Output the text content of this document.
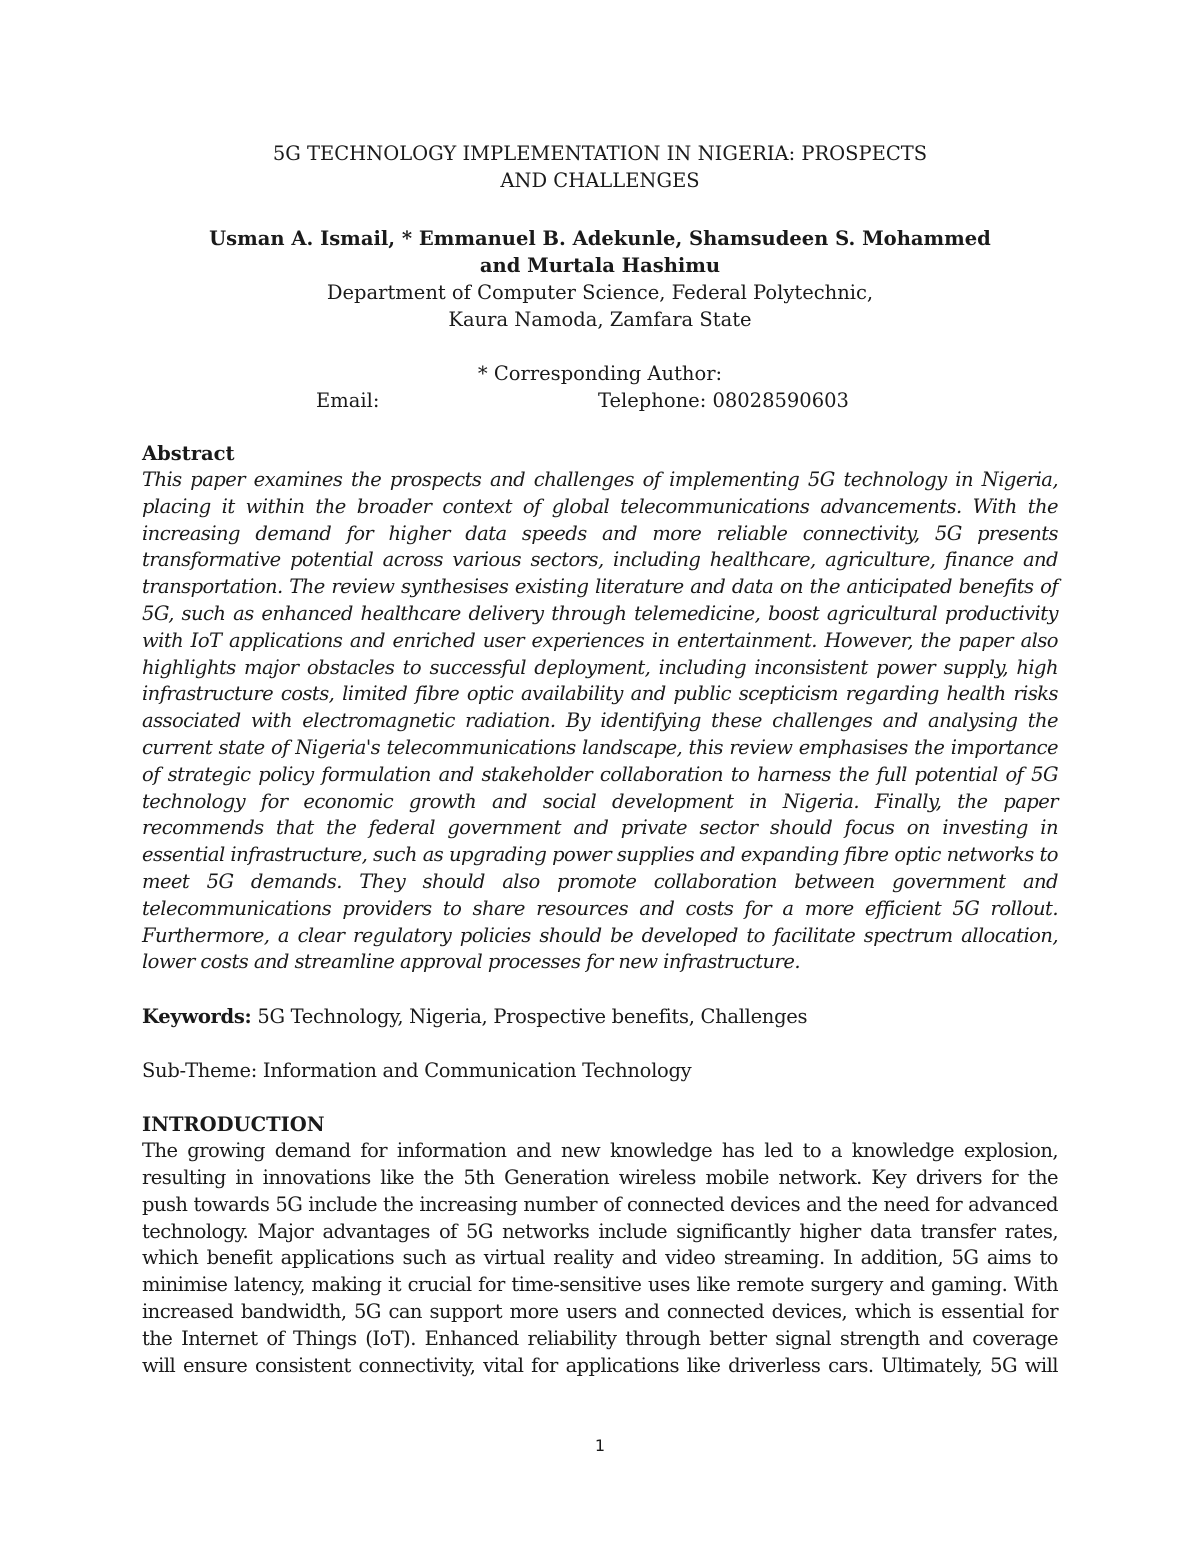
5G TECHNOLOGY IMPLEMENTATION IN NIGERIA: PROSPECTS
AND CHALLENGES
Usman A. Ismail, * Emmanuel B. Adekunle, Shamsudeen S. Mohammed
and Murtala Hashimu
Department of Computer Science, Federal Polytechnic,
Kaura Namoda, Zamfara State
* Corresponding Author:
Email:	Telephone: 08028590603
Abstract

This paper examines the prospects and challenges of implementing 5G technology in Nigeria, placing it within the broader context of global telecommunications advancements. With the increasing demand for higher data speeds and more reliable connectivity, 5G presents transformative potential across various sectors, including healthcare, agriculture, finance and transportation. The review synthesises existing literature and data on the anticipated benefits of 5G, such as enhanced healthcare delivery through telemedicine, boost agricultural productivity with IoT applications and enriched user experiences in entertainment. However, the paper also highlights major obstacles to successful deployment, including inconsistent power supply, high infrastructure costs, limited fibre optic availability and public scepticism regarding health risks associated with electromagnetic radiation. By identifying these challenges and analysing the current state of Nigeria's telecommunications landscape, this review emphasises the importance of strategic policy formulation and stakeholder collaboration to harness the full potential of 5G technology for economic growth and social development in Nigeria. Finally, the paper recommends that the federal government and private sector should focus on investing in essential infrastructure, such as upgrading power supplies and expanding fibre optic networks to meet 5G demands. They should also promote collaboration between government and telecommunications providers to share resources and costs for a more efficient 5G rollout. Furthermore, a clear regulatory policies should be developed to facilitate spectrum allocation, lower costs and streamline approval processes for new infrastructure.

Keywords: 5G Technology, Nigeria, Prospective benefits, Challenges
Sub-Theme: Information and Communication Technology
INTRODUCTION

The growing demand for information and new knowledge has led to a knowledge explosion, resulting in innovations like the 5th Generation wireless mobile network. Key drivers for the push towards 5G include the increasing number of connected devices and the need for advanced technology. Major advantages of 5G networks include significantly higher data transfer rates, which benefit applications such as virtual reality and video streaming. In addition, 5G aims to minimise latency, making it crucial for time-sensitive uses like remote surgery and gaming. With increased bandwidth, 5G can support more users and connected devices, which is essential for the Internet of Things (IoT). Enhanced reliability through better signal strength and coverage will ensure consistent connectivity, vital for applications like driverless cars. Ultimately, 5G will

1
